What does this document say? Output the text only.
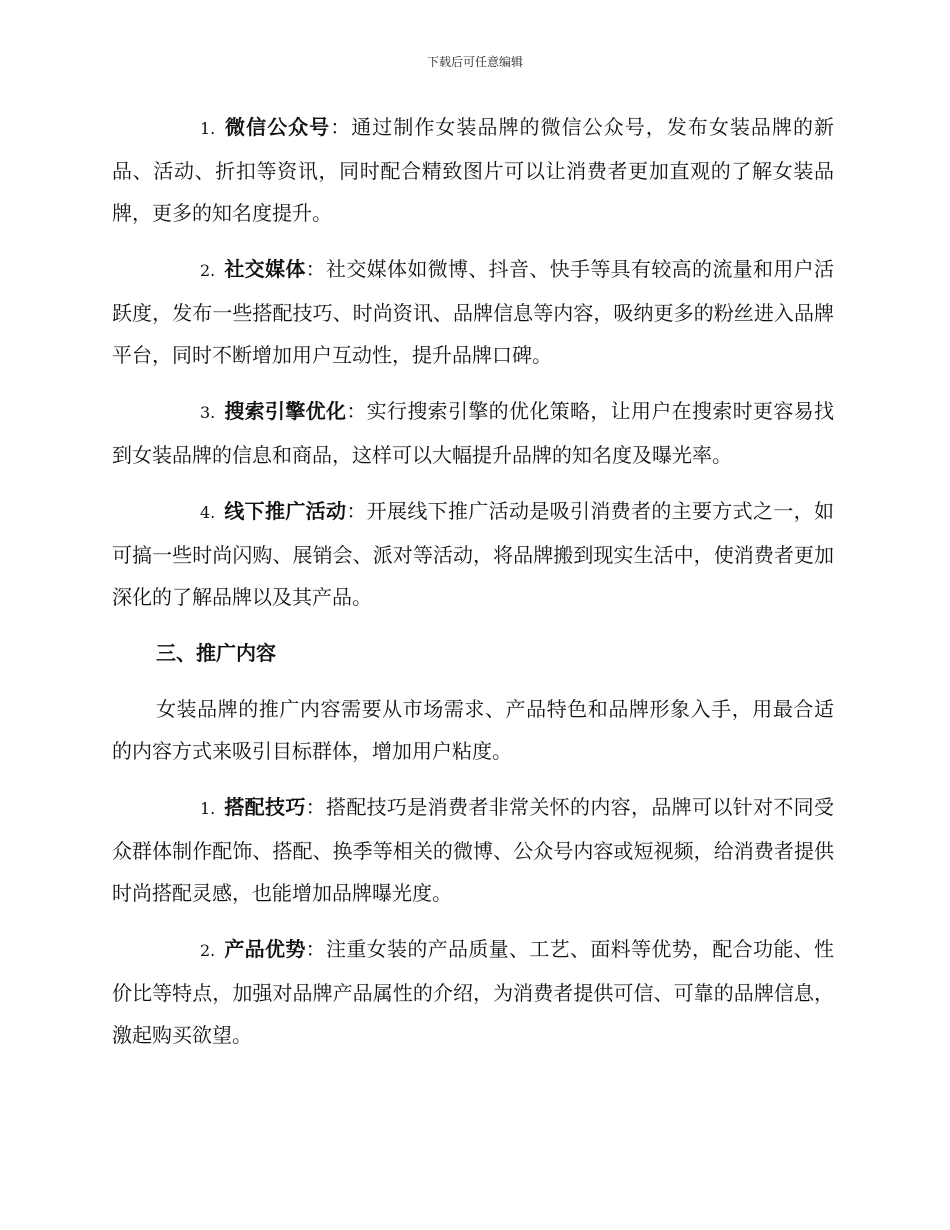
下载后可任意编辑

1. 微信公众号：通过制作女装品牌的微信公众号，发布女装品牌的新品、活动、折扣等资讯，同时配合精致图片可以让消费者更加直观的了解女装品牌，更多的知名度提升。

2. 社交媒体：社交媒体如微博、抖音、快手等具有较高的流量和用户活跃度，发布一些搭配技巧、时尚资讯、品牌信息等内容，吸纳更多的粉丝进入品牌平台，同时不断增加用户互动性，提升品牌口碑。

3. 搜索引擎优化：实行搜索引擎的优化策略，让用户在搜索时更容易找到女装品牌的信息和商品，这样可以大幅提升品牌的知名度及曝光率。

4. 线下推广活动：开展线下推广活动是吸引消费者的主要方式之一，如可搞一些时尚闪购、展销会、派对等活动，将品牌搬到现实生活中，使消费者更加深化的了解品牌以及其产品。

三、推广内容

女装品牌的推广内容需要从市场需求、产品特色和品牌形象入手，用最合适的内容方式来吸引目标群体，增加用户粘度。

1. 搭配技巧：搭配技巧是消费者非常关怀的内容，品牌可以针对不同受众群体制作配饰、搭配、换季等相关的微博、公众号内容或短视频，给消费者提供时尚搭配灵感，也能增加品牌曝光度。

2. 产品优势：注重女装的产品质量、工艺、面料等优势，配合功能、性价比等特点，加强对品牌产品属性的介绍，为消费者提供可信、可靠的品牌信息，激起购买欲望。
